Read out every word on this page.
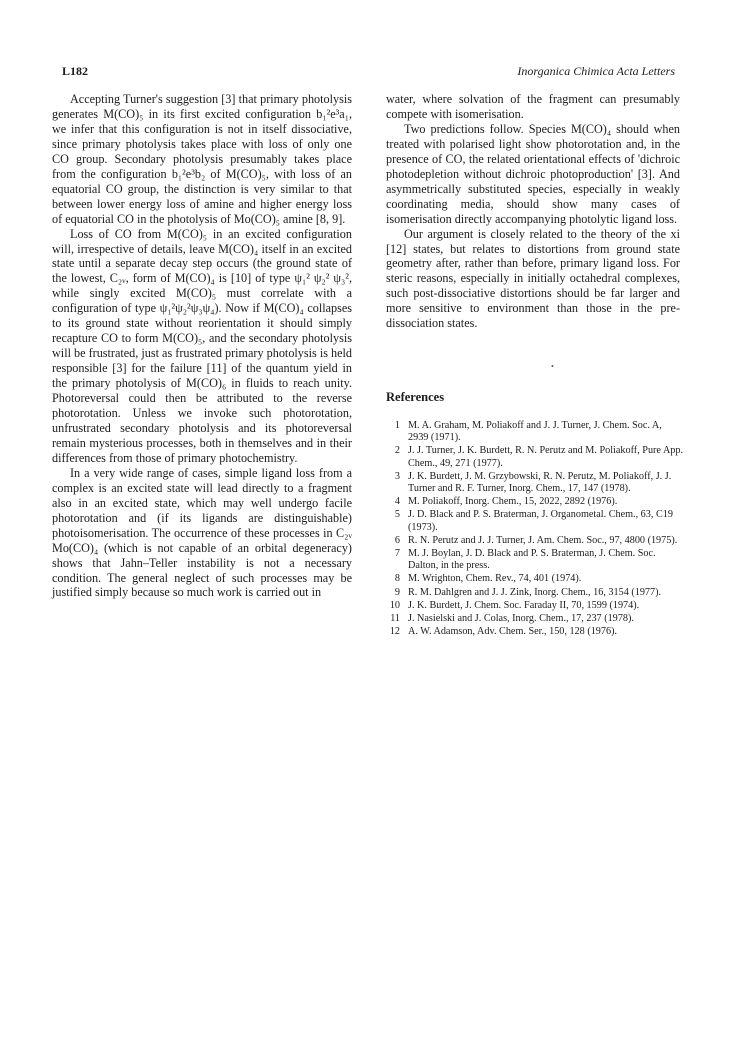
L182	Inorganica Chimica Acta Letters

Accepting Turner's suggestion [3] that primary photolysis generates M(CO)₅ in its first excited configuration b₁²e³a₁, we infer that this configuration is not in itself dissociative, since primary photolysis takes place with loss of only one CO group. Secondary photolysis presumably takes place from the configuration b₁²e³b₂ of M(CO)₅, with loss of an equatorial CO group, the distinction is very similar to that between lower energy loss of amine and higher energy loss of equatorial CO in the photolysis of Mo(CO)₅ amine [8, 9].

Loss of CO from M(CO)₅ in an excited configuration will, irrespective of details, leave M(CO)₄ itself in an excited state until a separate decay step occurs (the ground state of the lowest, C₂ᵥ, form of M(CO)₄ is [10] of type ψ₁² ψ₂² ψ₃², while singly excited M(CO)₅ must correlate with a configuration of type ψ₁²ψ₂²ψ₃ψ₄). Now if M(CO)₄ collapses to its ground state without reorientation it should simply recapture CO to form M(CO)₅, and the secondary photolysis will be frustrated, just as frustrated primary photolysis is held responsible [3] for the failure [11] of the quantum yield in the primary photolysis of M(CO)₆ in fluids to reach unity. Photoreversal could then be attributed to the reverse photorotation. Unless we invoke such photorotation, unfrustrated secondary photolysis and its photoreversal remain mysterious processes, both in themselves and in their differences from those of primary photochemistry.

In a very wide range of cases, simple ligand loss from a complex is an excited state will lead directly to a fragment also in an excited state, which may well undergo facile photorotation and (if its ligands are distinguishable) photoisomerisation. The occurrence of these processes in C₂ᵥ Mo(CO)₄ (which is not capable of an orbital degeneracy) shows that Jahn–Teller instability is not a necessary condition. The general neglect of such processes may be justified simply because so much work is carried out in

water, where solvation of the fragment can presumably compete with isomerisation.

Two predictions follow. Species M(CO)₄ should when treated with polarised light show photorotation and, in the presence of CO, the related orientational effects of 'dichroic photodepletion without dichroic photoproduction' [3]. And asymmetrically substituted species, especially in weakly coordinating media, should show many cases of isomerisation directly accompanying photolytic ligand loss.

Our argument is closely related to the theory of the xi [12] states, but relates to distortions from ground state geometry after, rather than before, primary ligand loss. For steric reasons, especially in initially octahedral complexes, such post-dissociative distortions should be far larger and more sensitive to environment than those in the pre-dissociation states.

•
References
1 M. A. Graham, M. Poliakoff and J. J. Turner, J. Chem. Soc. A, 2939 (1971).
2 J. J. Turner, J. K. Burdett, R. N. Perutz and M. Poliakoff, Pure App. Chem., 49, 271 (1977).
3 J. K. Burdett, J. M. Grzybowski, R. N. Perutz, M. Poliakoff, J. J. Turner and R. F. Turner, Inorg. Chem., 17, 147 (1978).
4 M. Poliakoff, Inorg. Chem., 15, 2022, 2892 (1976).
5 J. D. Black and P. S. Braterman, J. Organometal. Chem., 63, C19 (1973).
6 R. N. Perutz and J. J. Turner, J. Am. Chem. Soc., 97, 4800 (1975).
7 M. J. Boylan, J. D. Black and P. S. Braterman, J. Chem. Soc. Dalton, in the press.
8 M. Wrighton, Chem. Rev., 74, 401 (1974).
9 R. M. Dahlgren and J. J. Zink, Inorg. Chem., 16, 3154 (1977).
10 J. K. Burdett, J. Chem. Soc. Faraday II, 70, 1599 (1974).
11 J. Nasielski and J. Colas, Inorg. Chem., 17, 237 (1978).
12 A. W. Adamson, Adv. Chem. Ser., 150, 128 (1976).
